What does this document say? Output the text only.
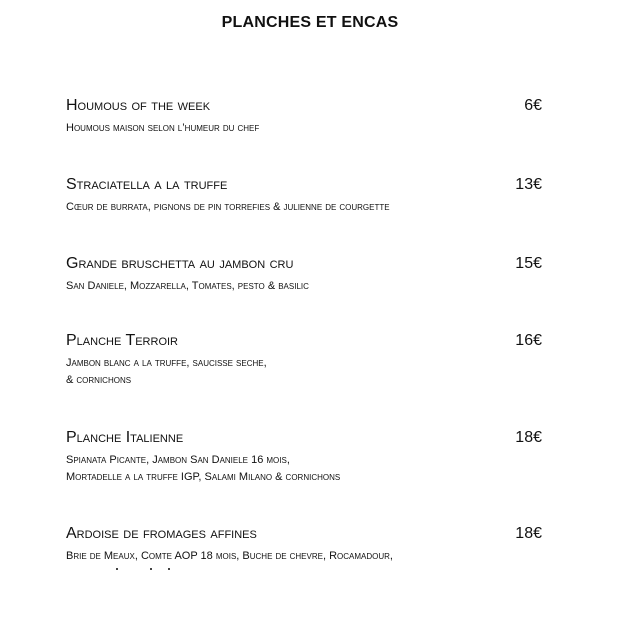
PLANCHES ET ENCAS
Houmous of the week
Houmous maison selon l’humeur du chef
6€
Straciatella a la truffe
Cœur de burrata, pignons de pin torrefies & julienne de courgette
13€
Grande bruschetta au jambon cru
San Daniele, Mozzarella, Tomates, pesto & basilic
15€
Planche Terroir
Jambon blanc a la truffe, saucisse seche,
& cornichons
16€
Planche Italienne
Spianata Picante, Jambon San Daniele 16 mois,
Mortadelle a la truffe IGP, Salami Milano & cornichons
18€
Ardoise de fromages affines
Brie de Meaux, Comte AOP 18 mois, Buche de chevre, Rocamadour,
18€
